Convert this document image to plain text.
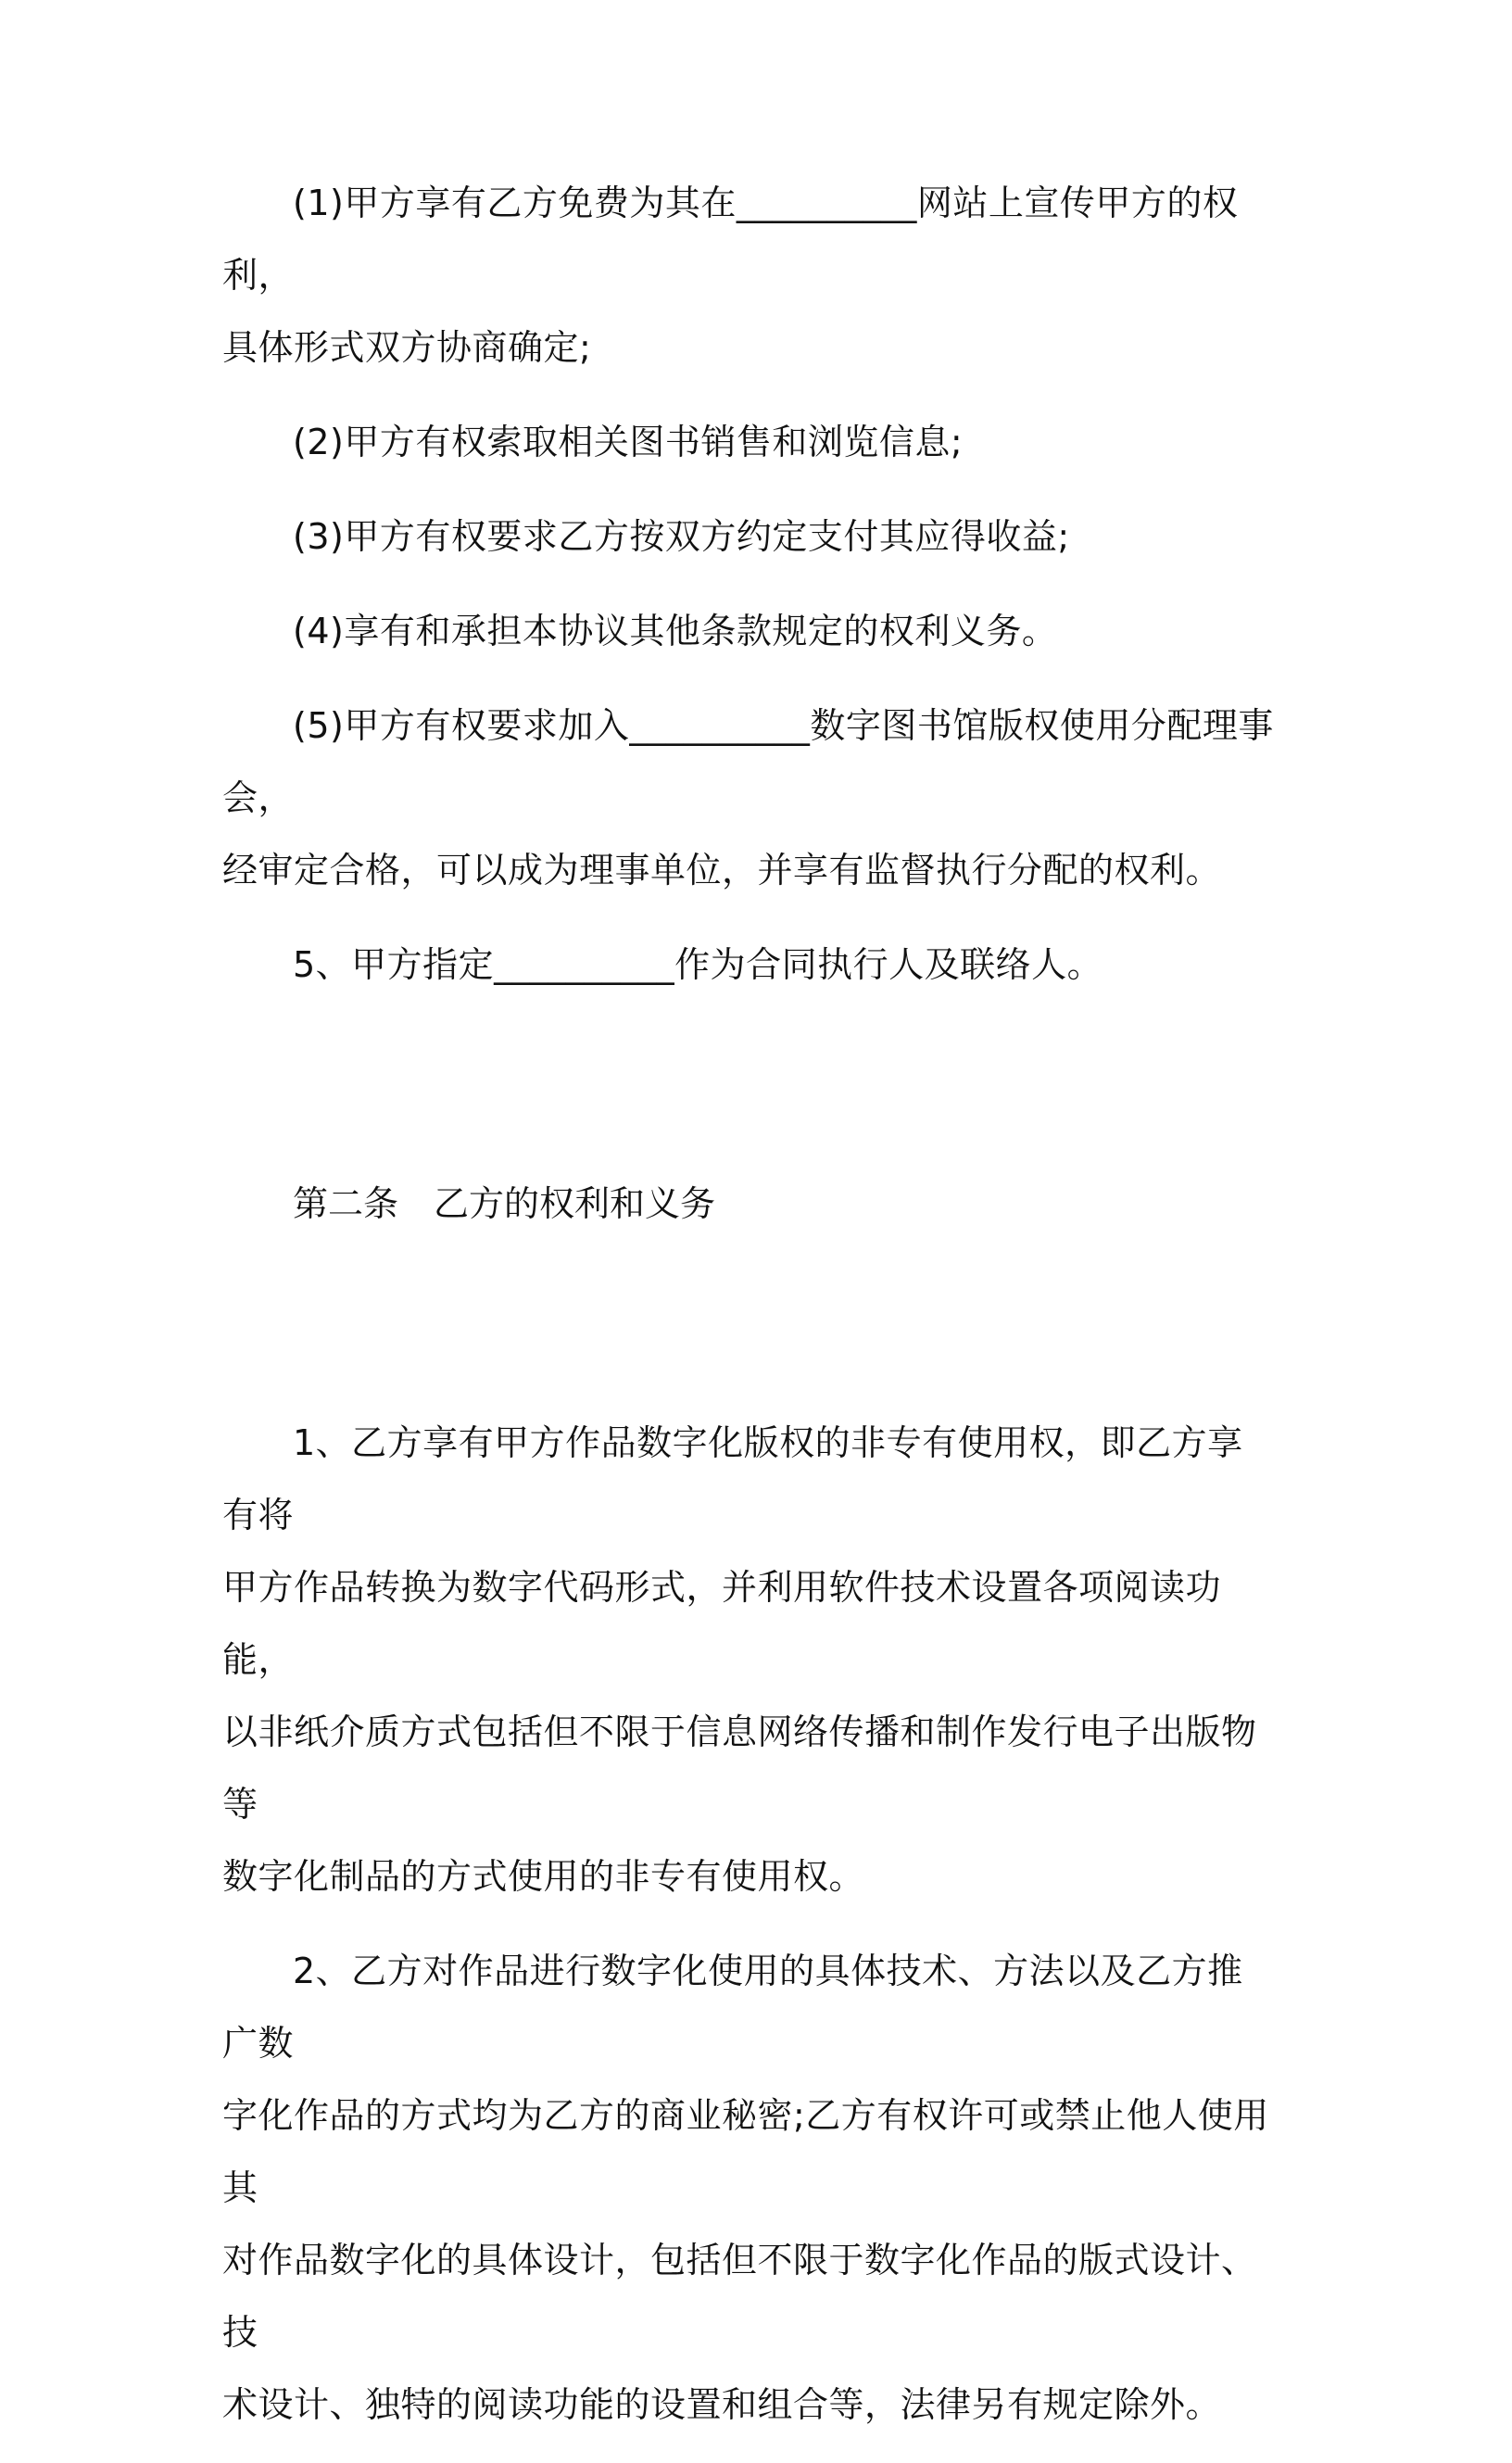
(1)甲方享有乙方免费为其在__________网站上宣传甲方的权利，
具体形式双方协商确定;

(2)甲方有权索取相关图书销售和浏览信息;

(3)甲方有权要求乙方按双方约定支付其应得收益;

(4)享有和承担本协议其他条款规定的权利义务。

(5)甲方有权要求加入__________数字图书馆版权使用分配理事会，
经审定合格，可以成为理事单位，并享有监督执行分配的权利。

5、甲方指定__________作为合同执行人及联络人。

第二条　乙方的权利和义务

1、乙方享有甲方作品数字化版权的非专有使用权，即乙方享有将
甲方作品转换为数字代码形式，并利用软件技术设置各项阅读功能，
以非纸介质方式包括但不限于信息网络传播和制作发行电子出版物等
数字化制品的方式使用的非专有使用权。

2、乙方对作品进行数字化使用的具体技术、方法以及乙方推广数
字化作品的方式均为乙方的商业秘密;乙方有权许可或禁止他人使用其
对作品数字化的具体设计，包括但不限于数字化作品的版式设计、技
术设计、独特的阅读功能的设置和组合等，法律另有规定除外。
